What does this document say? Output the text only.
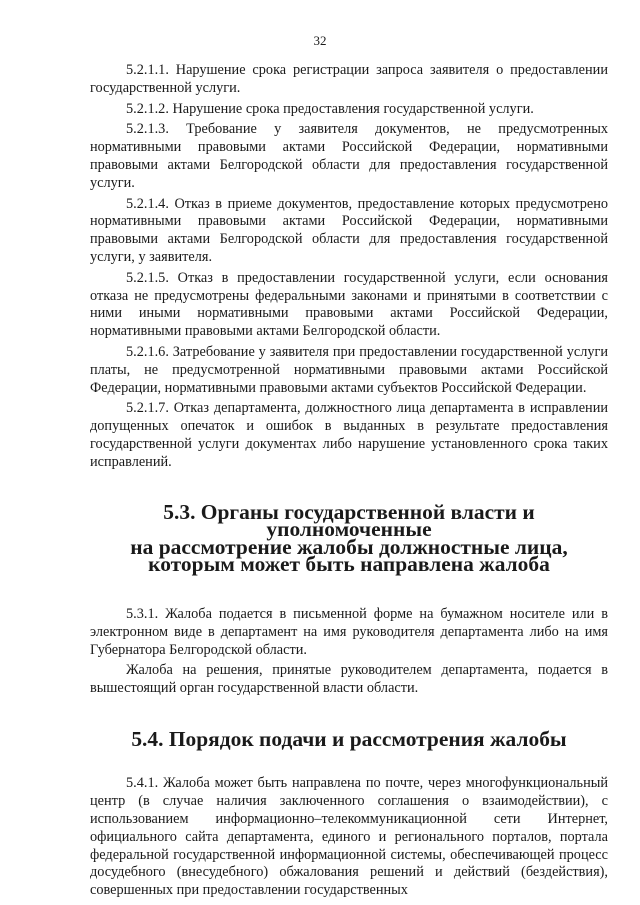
32

5.2.1.1. Нарушение срока регистрации запроса заявителя о предоставлении государственной услуги.

5.2.1.2. Нарушение срока предоставления государственной услуги.

5.2.1.3. Требование у заявителя документов, не предусмотренных нормативными правовыми актами Российской Федерации, нормативными правовыми актами Белгородской области для предоставления государственной услуги.

5.2.1.4. Отказ в приеме документов, предоставление которых предусмотрено нормативными правовыми актами Российской Федерации, нормативными правовыми актами Белгородской области для предоставления государственной услуги, у заявителя.

5.2.1.5. Отказ в предоставлении государственной услуги, если основания отказа не предусмотрены федеральными законами и принятыми в соответствии с ними иными нормативными правовыми актами Российской Федерации, нормативными правовыми актами Белгородской области.

5.2.1.6. Затребование у заявителя при предоставлении государственной услуги платы, не предусмотренной нормативными правовыми актами Российской Федерации, нормативными правовыми актами субъектов Российской Федерации.

5.2.1.7. Отказ департамента, должностного лица департамента в исправлении допущенных опечаток и ошибок в выданных в результате предоставления государственной услуги документах либо нарушение установленного срока таких исправлений.

5.3. Органы государственной власти и уполномоченные
на рассмотрение жалобы должностные лица,
которым может быть направлена жалоба

5.3.1. Жалоба подается в письменной форме на бумажном носителе или в электронном виде в департамент на имя руководителя департамента либо на имя Губернатора Белгородской области.

Жалоба на решения, принятые руководителем департамента, подается в вышестоящий орган государственной власти области.

5.4. Порядок подачи и рассмотрения жалобы

5.4.1. Жалоба может быть направлена по почте, через многофункциональный центр (в случае наличия заключенного соглашения о взаимодействии), с использованием информационно–телекоммуникационной сети Интернет, официального сайта департамента, единого и регионального порталов, портала федеральной государственной информационной системы, обеспечивающей процесс досудебного (внесудебного) обжалования решений и действий (бездействия), совершенных при предоставлении государственных
